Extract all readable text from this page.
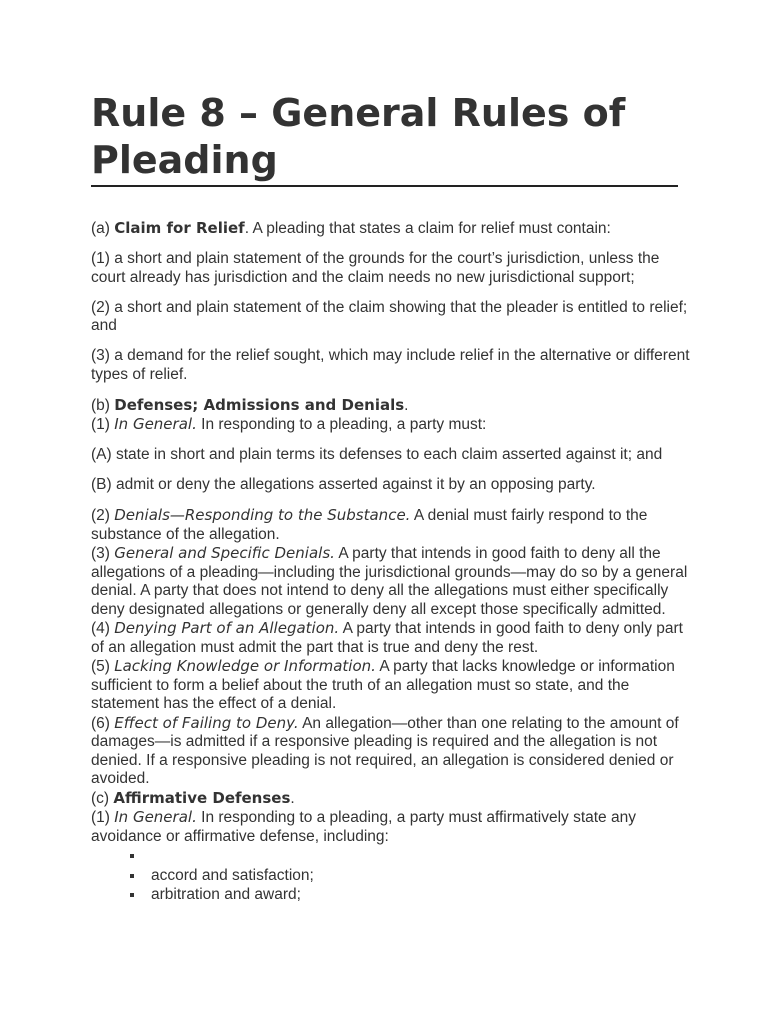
Rule 8 – General Rules of Pleading

(a) Claim for Relief. A pleading that states a claim for relief must contain:

(1) a short and plain statement of the grounds for the court’s jurisdiction, unless the court already has jurisdiction and the claim needs no new jurisdictional support;

(2) a short and plain statement of the claim showing that the pleader is entitled to relief; and

(3) a demand for the relief sought, which may include relief in the alternative or different types of relief.

(b) Defenses; Admissions and Denials.

(1) In General. In responding to a pleading, a party must:

(A) state in short and plain terms its defenses to each claim asserted against it; and

(B) admit or deny the allegations asserted against it by an opposing party.

(2) Denials—Responding to the Substance. A denial must fairly respond to the substance of the allegation.

(3) General and Specific Denials. A party that intends in good faith to deny all the allegations of a pleading—including the jurisdictional grounds—may do so by a general denial. A party that does not intend to deny all the allegations must either specifically deny designated allegations or generally deny all except those specifically admitted.

(4) Denying Part of an Allegation. A party that intends in good faith to deny only part of an allegation must admit the part that is true and deny the rest.

(5) Lacking Knowledge or Information. A party that lacks knowledge or information sufficient to form a belief about the truth of an allegation must so state, and the statement has the effect of a denial.

(6) Effect of Failing to Deny. An allegation—other than one relating to the amount of damages—is admitted if a responsive pleading is required and the allegation is not denied. If a responsive pleading is not required, an allegation is considered denied or avoided.

(c) Affirmative Defenses.

(1) In General. In responding to a pleading, a party must affirmatively state any avoidance or affirmative defense, including:

accord and satisfaction;
arbitration and award;
